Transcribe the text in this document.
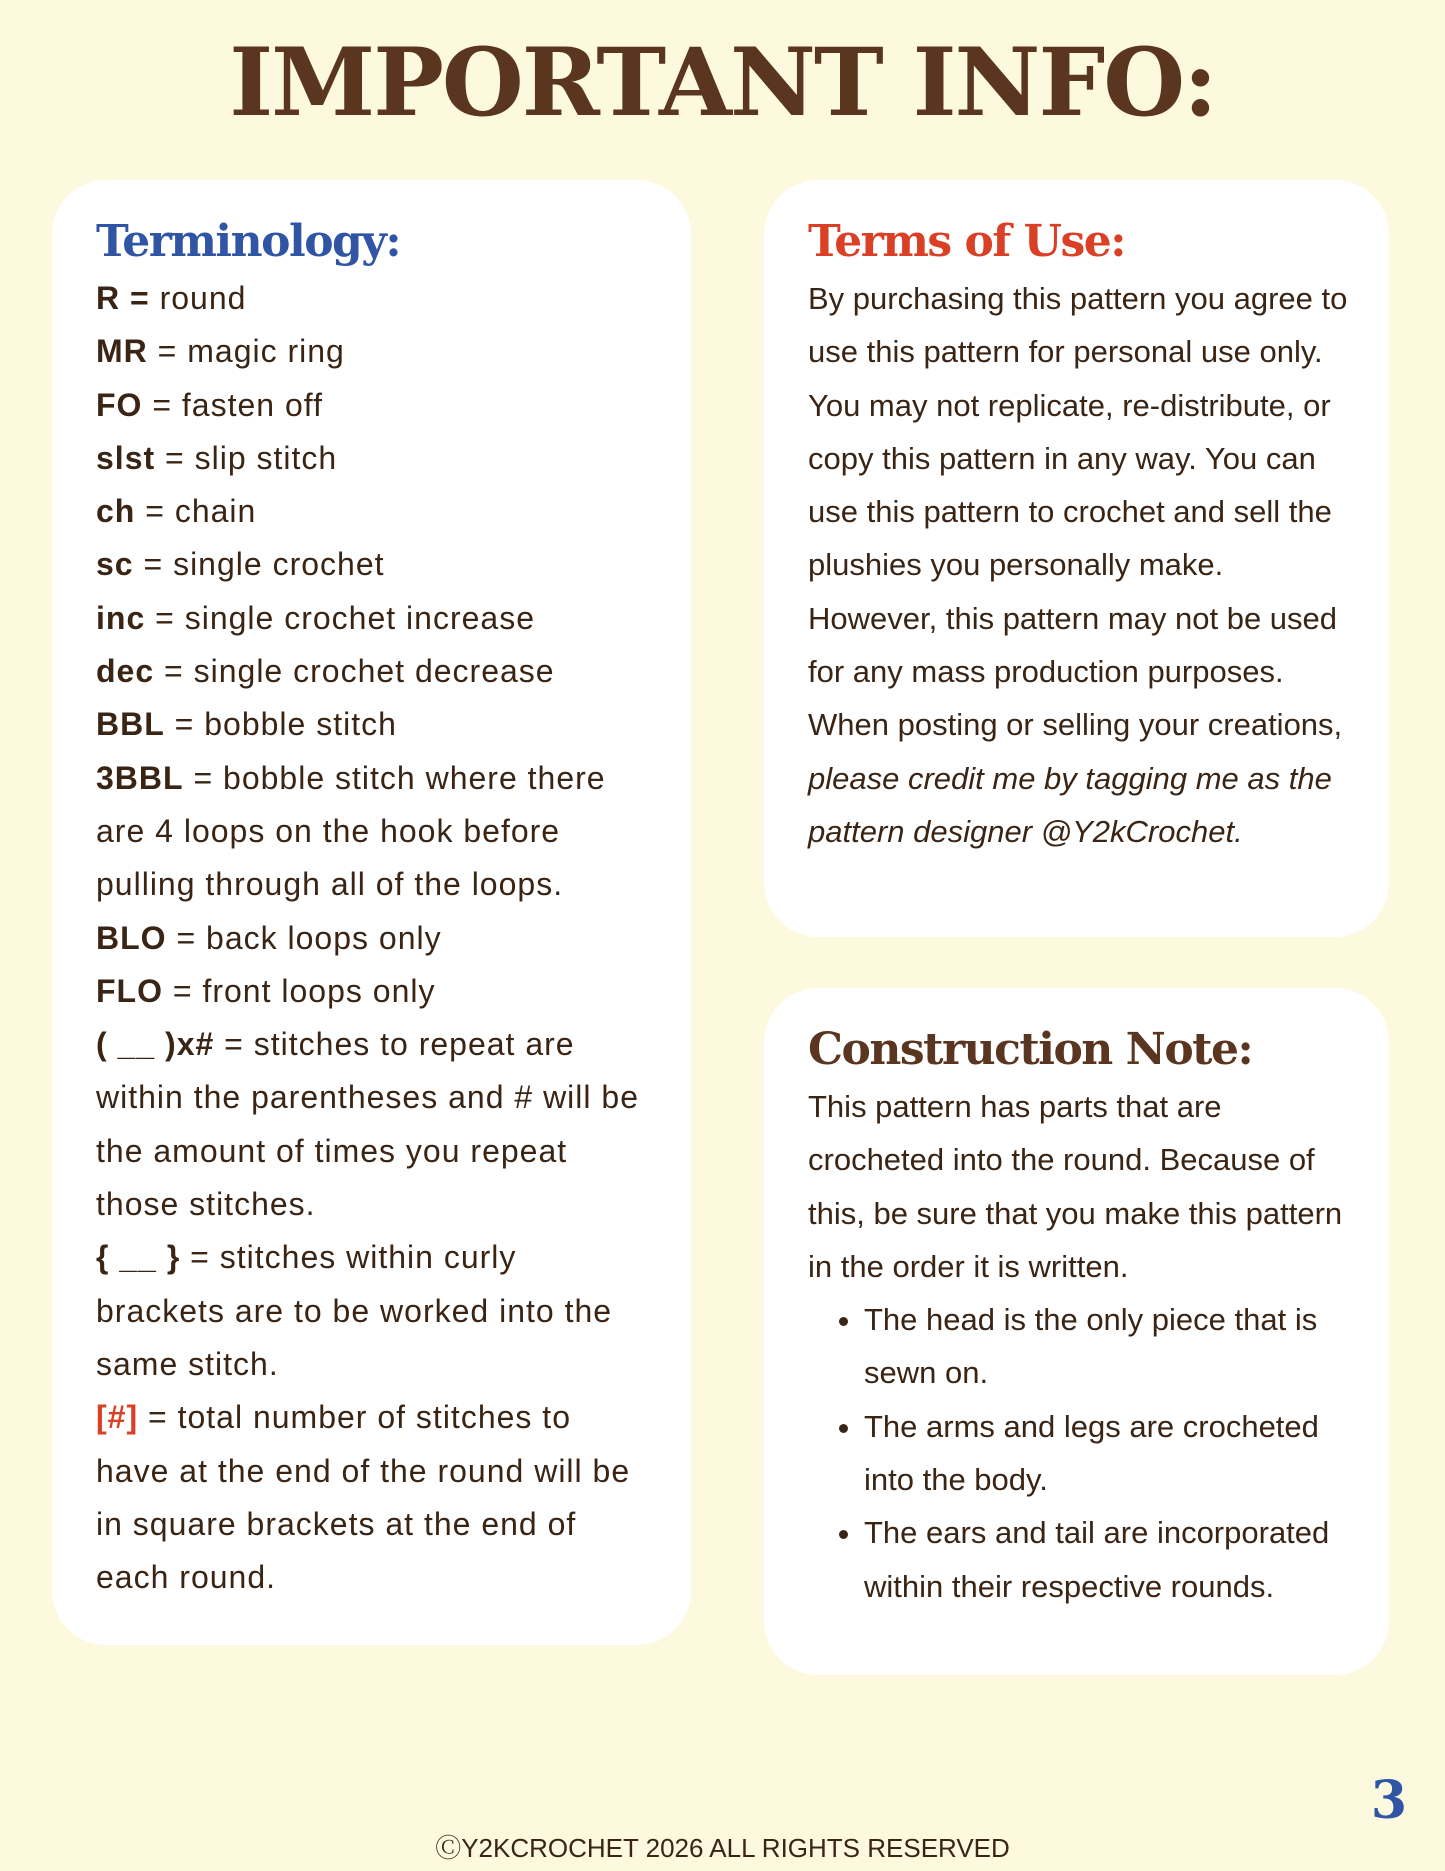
IMPORTANT INFO:
Terminology:
R = round
MR = magic ring
FO = fasten off
slst = slip stitch
ch = chain
sc = single crochet
inc = single crochet increase
dec = single crochet decrease
BBL = bobble stitch
3BBL = bobble stitch where there are 4 loops on the hook before pulling through all of the loops.
BLO = back loops only
FLO = front loops only
( __ )x# = stitches to repeat are within the parentheses and # will be the amount of times you repeat those stitches.
{ __ } = stitches within curly brackets are to be worked into the same stitch.
[#] = total number of stitches to have at the end of the round will be in square brackets at the end of each round.
Terms of Use:

By purchasing this pattern you agree to use this pattern for personal use only. You may not replicate, re-distribute, or copy this pattern in any way. You can use this pattern to crochet and sell the plushies you personally make. However, this pattern may not be used for any mass production purposes. When posting or selling your creations, please credit me by tagging me as the pattern designer @Y2kCrochet.

Construction Note:

This pattern has parts that are crocheted into the round. Because of this, be sure that you make this pattern in the order it is written.

• The head is the only piece that is sewn on.
• The arms and legs are crocheted into the body.
• The ears and tail are incorporated within their respective rounds.
3
ⒸY2KCROCHET 2026 ALL RIGHTS RESERVED
